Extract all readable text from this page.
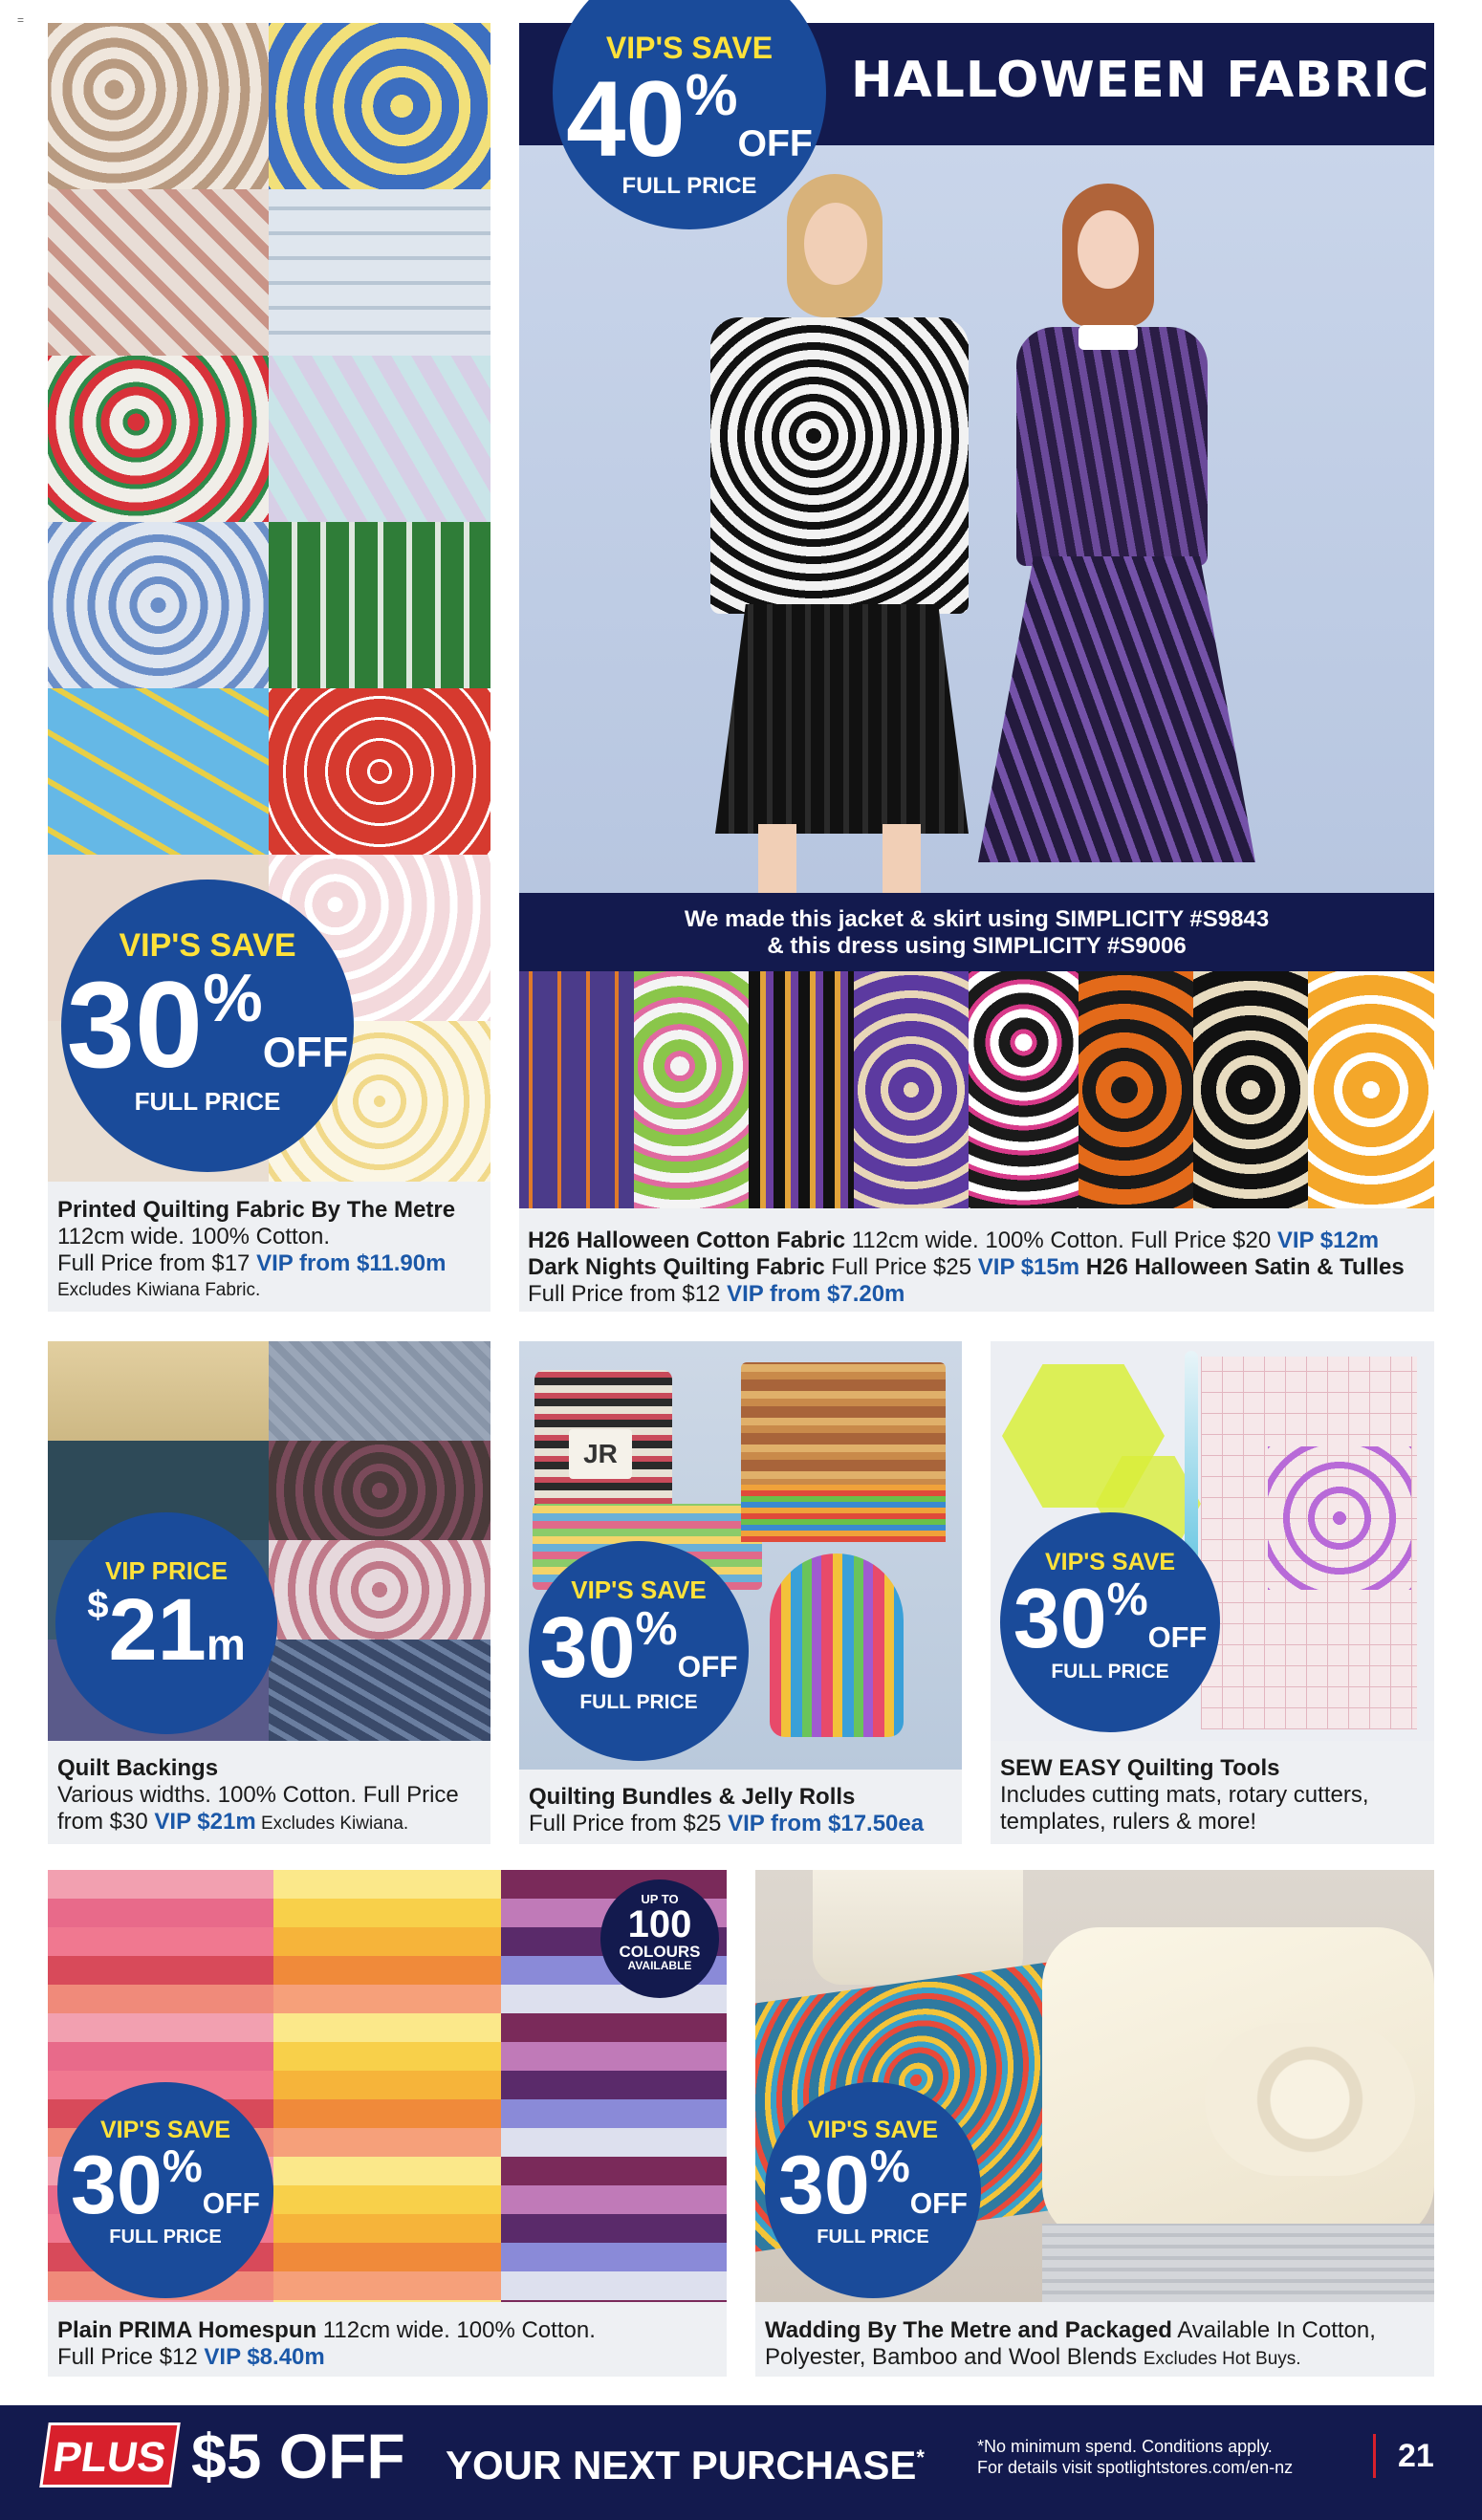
=
VIP'S SAVE
30%OFF
FULL PRICE
Printed Quilting Fabric By The Metre
112cm wide. 100% Cotton.
Full Price from $17 VIP from $11.90m
Excludes Kiwiana Fabric.
HALLOWEEN FABRIC
VIP'S SAVE
40%OFF
FULL PRICE
We made this jacket & skirt using SIMPLICITY #S9843
& this dress using SIMPLICITY #S9006
H26 Halloween Cotton Fabric 112cm wide. 100% Cotton. Full Price $20 VIP $12m
Dark Nights Quilting Fabric Full Price $25 VIP $15m H26 Halloween Satin & Tulles
Full Price from $12 VIP from $7.20m
VIP PRICE
$21m
Quilt Backings
Various widths. 100% Cotton. Full Price
from $30 VIP $21m Excludes Kiwiana.
JR
VIP'S SAVE
30%OFF
FULL PRICE
Quilting Bundles & Jelly Rolls
Full Price from $25 VIP from $17.50ea
VIP'S SAVE
30%OFF
FULL PRICE
SEW EASY Quilting Tools
Includes cutting mats, rotary cutters,
templates, rulers & more!
UP TO
100
COLOURS
AVAILABLE
VIP'S SAVE
30%OFF
FULL PRICE
Plain PRIMA Homespun 112cm wide. 100% Cotton.
Full Price $12 VIP $8.40m
VIP'S SAVE
30%OFF
FULL PRICE
Wadding By The Metre and Packaged Available In Cotton,
Polyester, Bamboo and Wool Blends Excludes Hot Buys.
PLUS $5 OFF YOUR NEXT PURCHASE*	*No minimum spend. Conditions apply.
For details visit spotlightstores.com/en-nz	21
